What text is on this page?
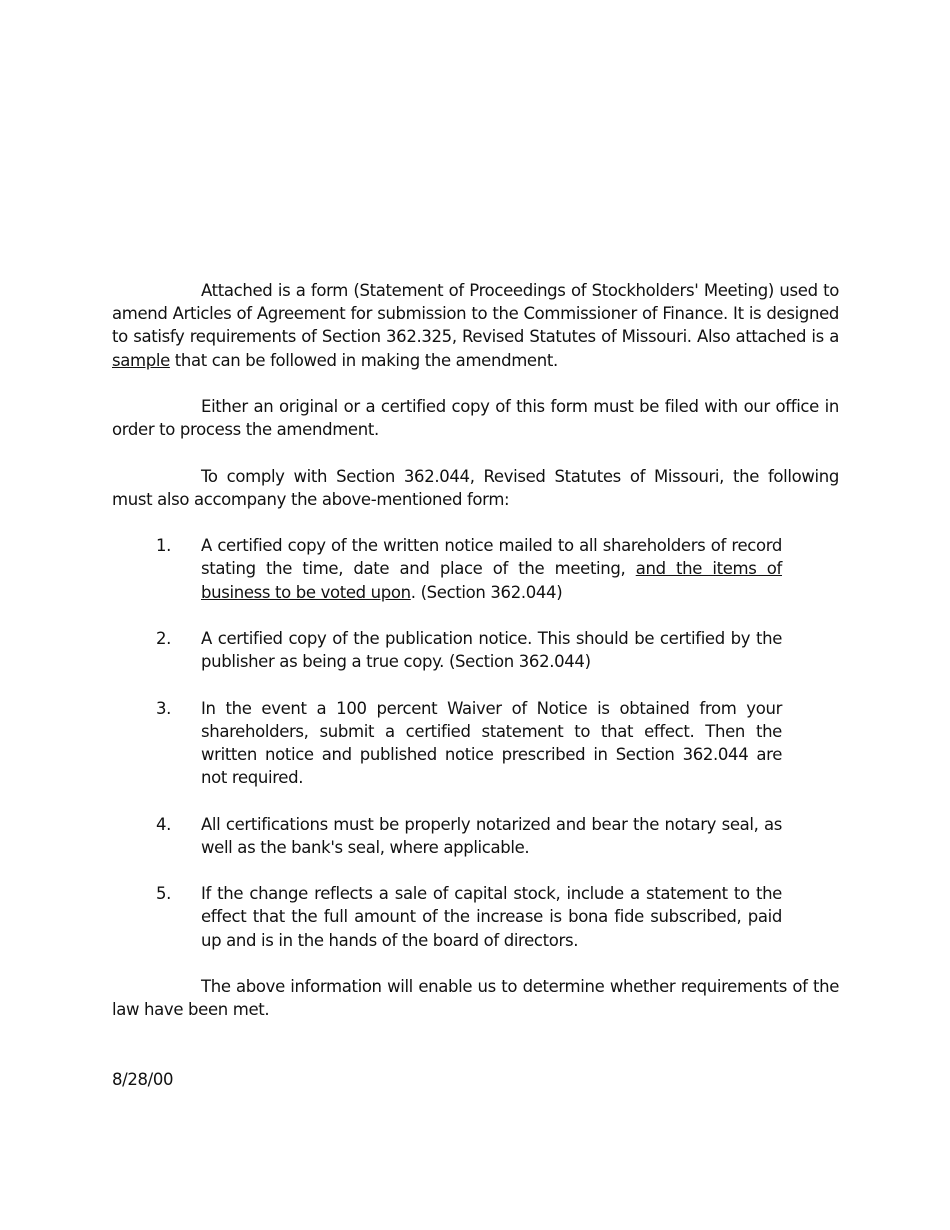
Attached is a form (Statement of Proceedings of Stockholders' Meeting) used to amend Articles of Agreement for submission to the Commissioner of Finance. It is designed to satisfy requirements of Section 362.325, Revised Statutes of Missouri. Also attached is a sample that can be followed in making the amendment.

Either an original or a certified copy of this form must be filed with our office in order to process the amendment.

To comply with Section 362.044, Revised Statutes of Missouri, the following must also accompany the above-mentioned form:

1.	A certified copy of the written notice mailed to all shareholders of record stating the time, date and place of the meeting, and the items of business to be voted upon. (Section 362.044)
2.	A certified copy of the publication notice. This should be certified by the publisher as being a true copy. (Section 362.044)
3.	In the event a 100 percent Waiver of Notice is obtained from your shareholders, submit a certified statement to that effect. Then the written notice and published notice prescribed in Section 362.044 are not required.
4.	All certifications must be properly notarized and bear the notary seal, as well as the bank's seal, where applicable.
5.	If the change reflects a sale of capital stock, include a statement to the effect that the full amount of the increase is bona fide subscribed, paid up and is in the hands of the board of directors.

The above information will enable us to determine whether requirements of the law have been met.

8/28/00
